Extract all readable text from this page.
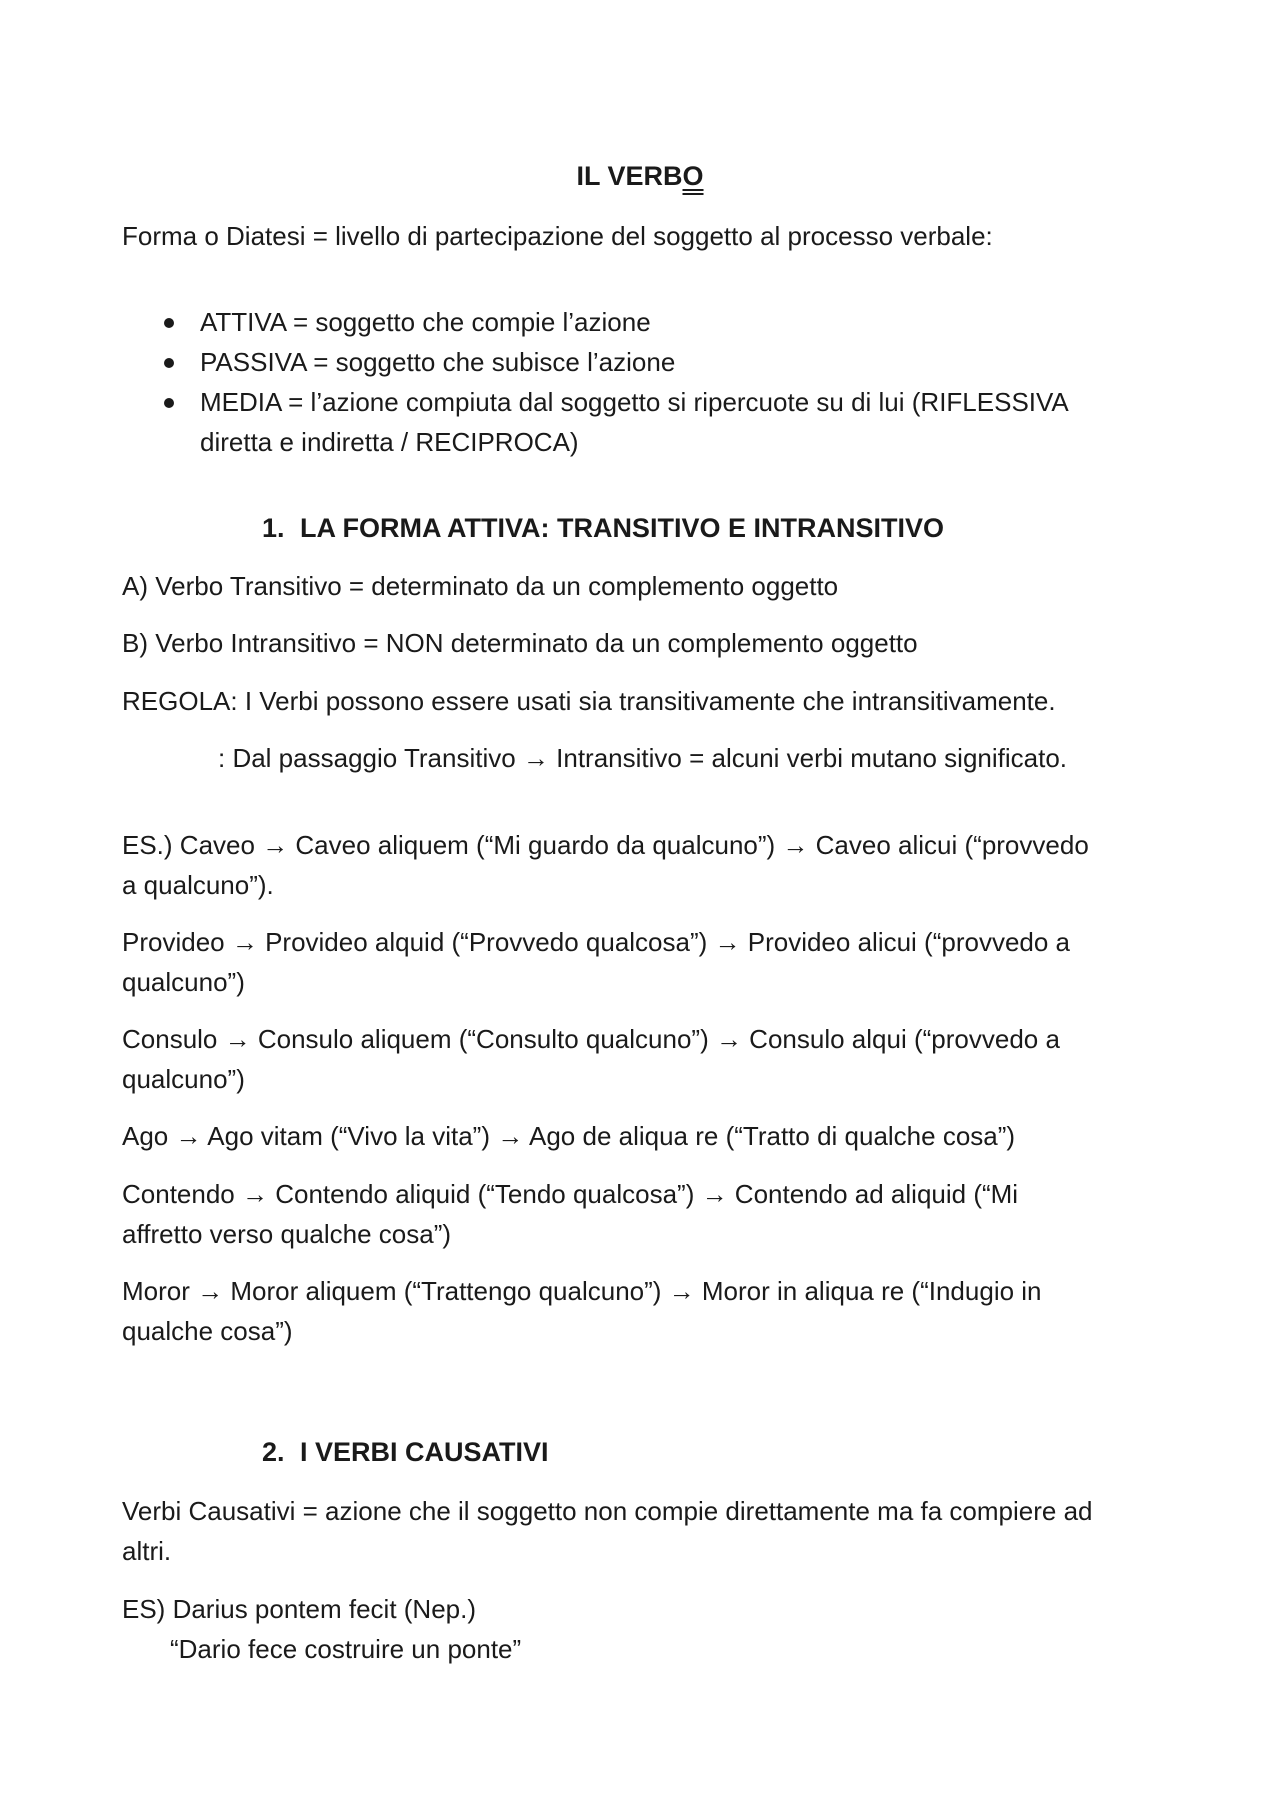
IL VERBO
Forma o Diatesi = livello di partecipazione del soggetto al processo verbale:
ATTIVA = soggetto che compie l’azione
PASSIVA = soggetto che subisce l’azione
MEDIA = l’azione compiuta dal soggetto si ripercuote su di lui (RIFLESSIVA
diretta e indiretta / RECIPROCA)
1. LA FORMA ATTIVA: TRANSITIVO E INTRANSITIVO
A) Verbo Transitivo = determinato da un complemento oggetto
B) Verbo Intransitivo = NON determinato da un complemento oggetto
REGOLA: I Verbi possono essere usati sia transitivamente che intransitivamente.
: Dal passaggio Transitivo → Intransitivo = alcuni verbi mutano significato.
ES.) Caveo → Caveo aliquem (“Mi guardo da qualcuno”) → Caveo alicui (“provvedo
a qualcuno”).
Provideo → Provideo alquid (“Provvedo qualcosa”) → Provideo alicui (“provvedo a
qualcuno”)
Consulo → Consulo aliquem (“Consulto qualcuno”) → Consulo alqui (“provvedo a
qualcuno”)
Ago → Ago vitam (“Vivo la vita”) → Ago de aliqua re (“Tratto di qualche cosa”)
Contendo → Contendo aliquid (“Tendo qualcosa”) → Contendo ad aliquid (“Mi
affretto verso qualche cosa”)
Moror → Moror aliquem (“Trattengo qualcuno”) → Moror in aliqua re (“Indugio in
qualche cosa”)
2. I VERBI CAUSATIVI
Verbi Causativi = azione che il soggetto non compie direttamente ma fa compiere ad
altri.
ES) Darius pontem fecit (Nep.)
“Dario fece costruire un ponte”
